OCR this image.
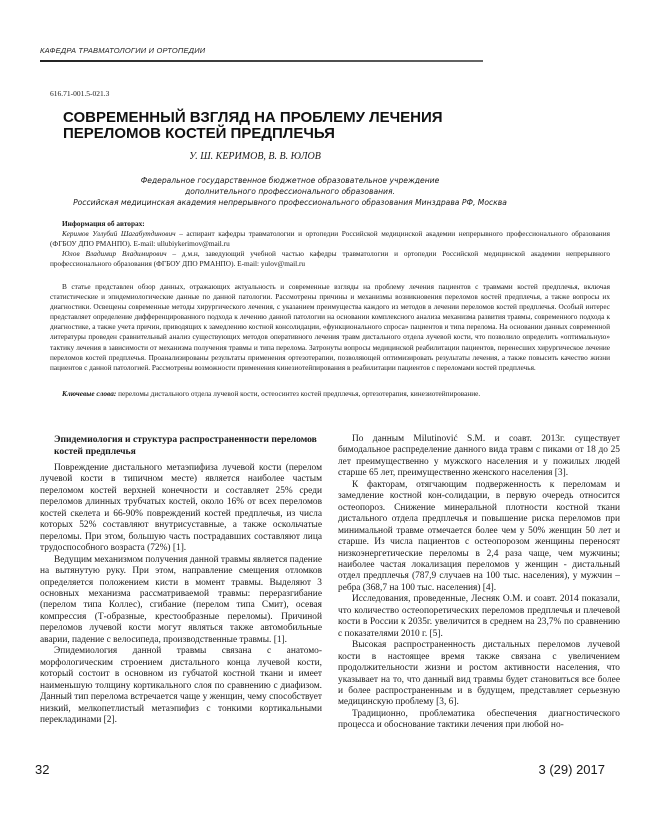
КАФЕДРА ТРАВМАТОЛОГИИ И ОРТОПЕДИИ
616.71-001.5-021.3
СОВРЕМЕННЫЙ ВЗГЛЯД НА ПРОБЛЕМУ ЛЕЧЕНИЯ ПЕРЕЛОМОВ КОСТЕЙ ПРЕДПЛЕЧЬЯ
У. Ш. КЕРИМОВ, В. В. ЮЛОВ
Федеральное государственное бюджетное образовательное учреждение
дополнительного профессионального образования.
Российская медицинская академия непрерывного профессионального образования Минздрава РФ, Москва

Информация об авторах:

Керимов Уллубий Шагабутдинович – аспирант кафедры травматологии и ортопедии Российской медицинской академии непрерывного профессионального образования (ФГБОУ ДПО РМАНПО). E-mail: ullubiykerimov@mail.ru

Юлов Владимир Владимирович – д.м.н, заведующий учебной частью кафедры травматологии и ортопедии Российской медицинской академии непрерывного профессионального образования (ФГБОУ ДПО РМАНПО). E-mail: yulov@mail.ru

В статье представлен обзор данных, отражающих актуальность и современные взгляды на проблему лечения пациентов с травмами костей предплечья, включая статистические и эпидемиологические данные по данной патологии. Рассмотрены причины и механизмы возникновения переломов костей предплечья, а также вопросы их диагностики. Освещены современные методы хирургического лечения, с указанием преимущества каждого из методов в лечении переломов костей предплечья. Особый интерес представляет определение дифференцированного подхода к лечению данной патологии на основании комплексного анализа механизма развития травмы, современного подхода к диагностике, а также учета причин, приводящих к замедлению костной консолидации, «функционального спроса» пациентов и типа перелома. На основании данных современной литературы проведен сравнительный анализ существующих методов оперативного лечения травм дистального отдела лучевой кости, что позволило определить «оптимальную» тактику лечения в зависимости от механизма получения травмы и типа перелома. Затронуты вопросы медицинской реабилитации пациентов, перенесших хирургическое лечение переломов костей предплечья. Проанализированы результаты применения ортезотерапии, позволяющей оптимизировать результаты лечения, а также повысить качество жизни пациентов с данной патологией. Рассмотрены возможности применения кинезиотейпирования в реабилитации пациентов с переломами костей предплечья.

Ключевые слова: переломы дистального отдела лучевой кости, остеосинтез костей предплечья, ортезотерапия, кинезиотейпирование.
Эпидемиология и структура распространенности переломов костей предплечья

Повреждение дистального метаэпифиза лучевой кости (перелом лучевой кости в типичном месте) является наиболее частым переломом костей верхней конечности и составляет 25% среди переломов длинных трубчатых костей, около 16% от всех переломов костей скелета и 66-90% повреждений костей предплечья, из числа которых 52% составляют внутрисуставные, а также оскольчатые переломы. При этом, большую часть пострадавших составляют лица трудоспособного возраста (72%) [1].

Ведущим механизмом получения данной травмы является падение на вытянутую руку. При этом, направление смещения отломков определяется положением кисти в момент травмы. Выделяют 3 основных механизма рассматриваемой травмы: переразгибание (перелом типа Коллес), сгибание (перелом типа Смит), осевая компрессия (Т-образные, крестообразные переломы). Причиной переломов лучевой кости могут являться также автомобильные аварии, падение с велосипеда, производственные травмы. [1].

Эпидемиология данной травмы связана с анатомо-морфологическим строением дистального конца лучевой кости, который состоит в основном из губчатой костной ткани и имеет наименьшую толщину кортикального слоя по сравнению с диафизом. Данный тип перелома встречается чаще у женщин, чему способствует низкий, мелкопетлистый метаэпифиз с тонкими кортикальными перекладинами [2].

По данным Milutinović S.M. и соавт. 2013г. существует бимодальное распределение данного вида травм с пиками от 18 до 25 лет преимущественно у мужского населения и у пожилых людей старше 65 лет, преимущественно женского населения [3].

К факторам, отягчающим подверженность к переломам и замедление костной кон-солидации, в первую очередь относится остеопороз. Снижение минеральной плотности костной ткани дистального отдела предплечья и повышение риска переломов при минимальной травме отмечается более чем у 50% женщин 50 лет и старше. Из числа пациентов с остеопорозом женщины переносят низкоэнергетические переломы в 2,4 раза чаще, чем мужчины; наиболее частая локализация переломов у женщин - дистальный отдел предплечья (787,9 случаев на 100 тыс. населения), у мужчин – ребра (368,7 на 100 тыс. населения) [4].

Исследования, проведенные, Лесняк О.М. и соавт. 2014 показали, что количество остеопоретических переломов предплечья и плечевой кости в России к 2035г. увеличится в среднем на 23,7% по сравнению с показателями 2010 г. [5].

Высокая распространенность дистальных переломов лучевой кости в настоящее время также связана с увеличением продолжительности жизни и ростом активности населения, что указывает на то, что данный вид травмы будет становиться все более и более распространенным и в будущем, представляет серьезную медицинскую проблему [3, 6].

Традиционно, проблематика обеспечения диагностического процесса и обоснование тактики лечения при любой но-

32	3 (29) 2017
